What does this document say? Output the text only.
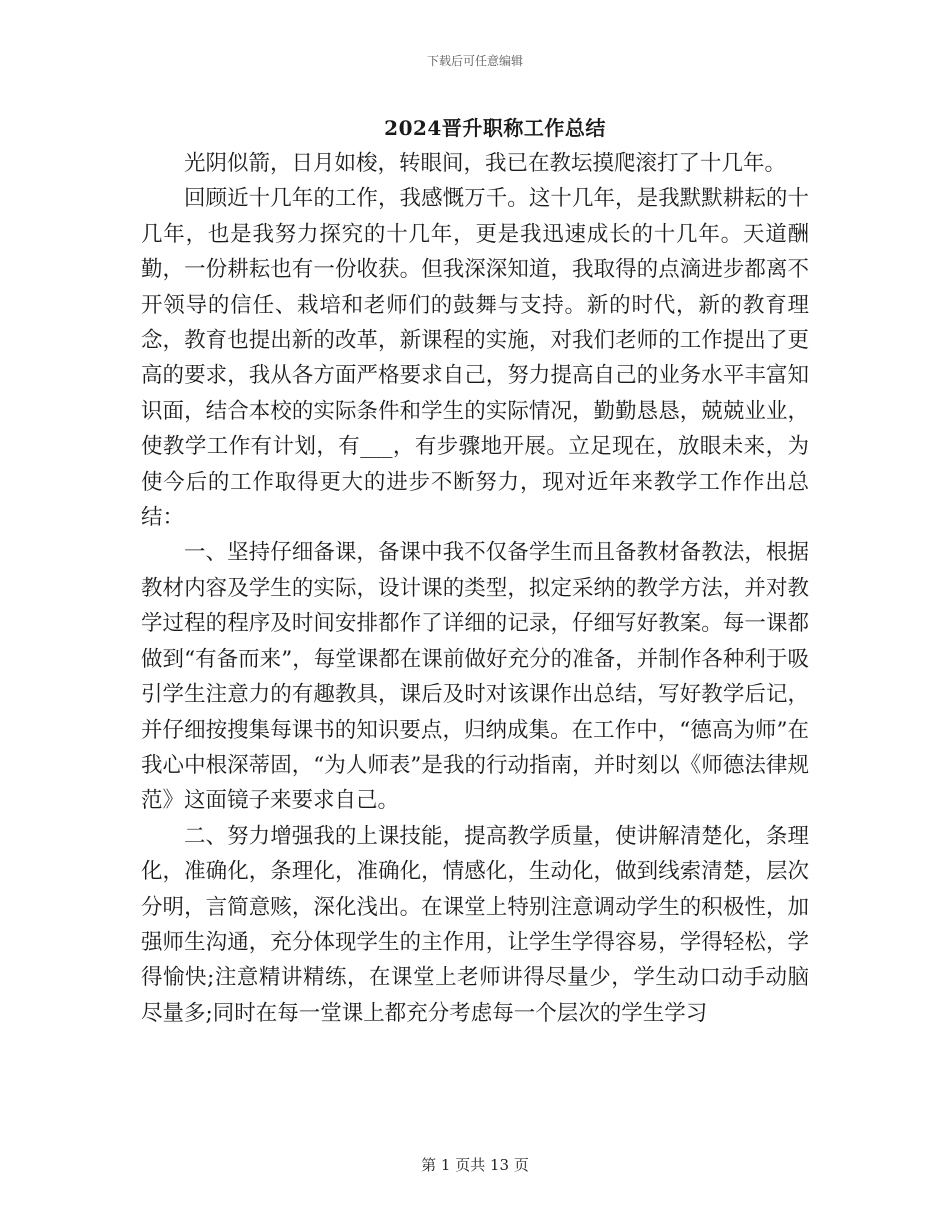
下载后可任意编辑
2024晋升职称工作总结

光阴似箭，日月如梭，转眼间，我已在教坛摸爬滚打了十几年。

回顾近十几年的工作，我感慨万千。这十几年，是我默默耕耘的十几年，也是我努力探究的十几年，更是我迅速成长的十几年。天道酬勤，一份耕耘也有一份收获。但我深深知道，我取得的点滴进步都离不开领导的信任、栽培和老师们的鼓舞与支持。新的时代，新的教育理念，教育也提出新的改革，新课程的实施，对我们老师的工作提出了更高的要求，我从各方面严格要求自己，努力提高自己的业务水平丰富知识面，结合本校的实际条件和学生的实际情况，勤勤恳恳，兢兢业业，使教学工作有计划，有___，有步骤地开展。立足现在，放眼未来，为使今后的工作取得更大的进步不断努力，现对近年来教学工作作出总结：

一、坚持仔细备课，备课中我不仅备学生而且备教材备教法，根据教材内容及学生的实际，设计课的类型，拟定采纳的教学方法，并对教学过程的程序及时间安排都作了详细的记录，仔细写好教案。每一课都做到“有备而来”，每堂课都在课前做好充分的准备，并制作各种利于吸引学生注意力的有趣教具，课后及时对该课作出总结，写好教学后记，并仔细按搜集每课书的知识要点，归纳成集。在工作中，“德高为师”在我心中根深蒂固，“为人师表”是我的行动指南，并时刻以《师德法律规范》这面镜子来要求自己。

二、努力增强我的上课技能，提高教学质量，使讲解清楚化，条理化，准确化，条理化，准确化，情感化，生动化，做到线索清楚，层次分明，言简意赅，深化浅出。在课堂上特别注意调动学生的积极性，加强师生沟通，充分体现学生的主作用，让学生学得容易，学得轻松，学得愉快;注意精讲精练，在课堂上老师讲得尽量少，学生动口动手动脑尽量多;同时在每一堂课上都充分考虑每一个层次的学生学习

第 1 页共 13 页
